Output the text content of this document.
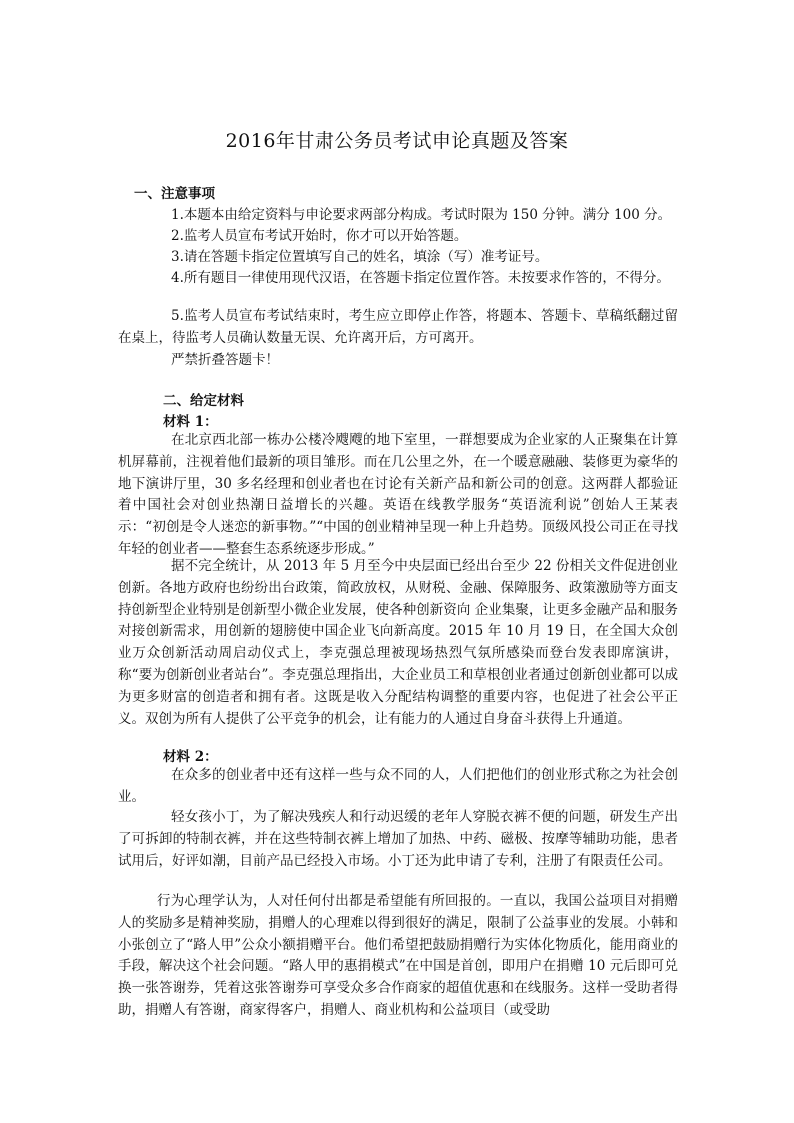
2016年甘肃公务员考试申论真题及答案
一、注意事项
1.本题本由给定资料与申论要求两部分构成。考试时限为 150 分钟。满分 100 分。
2.监考人员宣布考试开始时，你才可以开始答题。
3.请在答题卡指定位置填写自己的姓名，填涂（写）准考证号。
4.所有题目一律使用现代汉语，在答题卡指定位置作答。未按要求作答的，不得分。

5.监考人员宣布考试结束时，考生应立即停止作答，将题本、答题卡、草稿纸翻过留在桌上，待监考人员确认数量无误、允许离开后，方可离开。

严禁折叠答题卡！
二、给定材料
材料 1：

在北京西北部一栋办公楼冷飕飕的地下室里，一群想要成为企业家的人正聚集在计算机屏幕前，注视着他们最新的项目雏形。而在几公里之外，在一个暖意融融、装修更为豪华的地下演讲厅里，30 多名经理和创业者也在讨论有关新产品和新公司的创意。这两群人都验证着中国社会对创业热潮日益增长的兴趣。英语在线教学服务“英语流利说”创始人王某表示：“初创是令人迷恋的新事物。”“中国的创业精神呈现一种上升趋势。顶级风投公司正在寻找年轻的创业者——整套生态系统逐步形成。”

据不完全统计，从 2013 年 5 月至今中央层面已经出台至少 22 份相关文件促进创业创新。各地方政府也纷纷出台政策，简政放权，从财税、金融、保障服务、政策激励等方面支持创新型企业特别是创新型小微企业发展，使各种创新资向 企业集聚，让更多金融产品和服务对接创新需求，用创新的翅膀使中国企业飞向新高度。2015 年 10 月 19 日，在全国大众创业万众创新活动周启动仪式上，李克强总理被现场热烈气氛所感染而登台发表即席演讲，称“要为创新创业者站台”。李克强总理指出，大企业员工和草根创业者通过创新创业都可以成为更多财富的创造者和拥有者。这既是收入分配结构调整的重要内容，也促进了社会公平正义。双创为所有人提供了公平竞争的机会，让有能力的人通过自身奋斗获得上升通道。

材料 2：

在众多的创业者中还有这样一些与众不同的人，人们把他们的创业形式称之为社会创业。

轻女孩小丁，为了解决残疾人和行动迟缓的老年人穿脱衣裤不便的问题，研发生产出了可拆卸的特制衣裤，并在这些特制衣裤上增加了加热、中药、磁极、按摩等辅助功能，患者试用后，好评如潮，目前产品已经投入市场。小丁还为此申请了专利，注册了有限责任公司。

行为心理学认为，人对任何付出都是希望能有所回报的。一直以，我国公益项目对捐赠人的奖励多是精神奖励，捐赠人的心理难以得到很好的满足，限制了公益事业的发展。小韩和小张创立了“路人甲”公众小额捐赠平台。他们希望把鼓励捐赠行为实体化物质化，能用商业的手段，解决这个社会问题。“路人甲的惠捐模式”在中国是首创，即用户在捐赠 10 元后即可兑换一张答谢券，凭着这张答谢券可享受众多合作商家的超值优惠和在线服务。这样一受助者得助，捐赠人有答谢，商家得客户，捐赠人、商业机构和公益项目（或受助
